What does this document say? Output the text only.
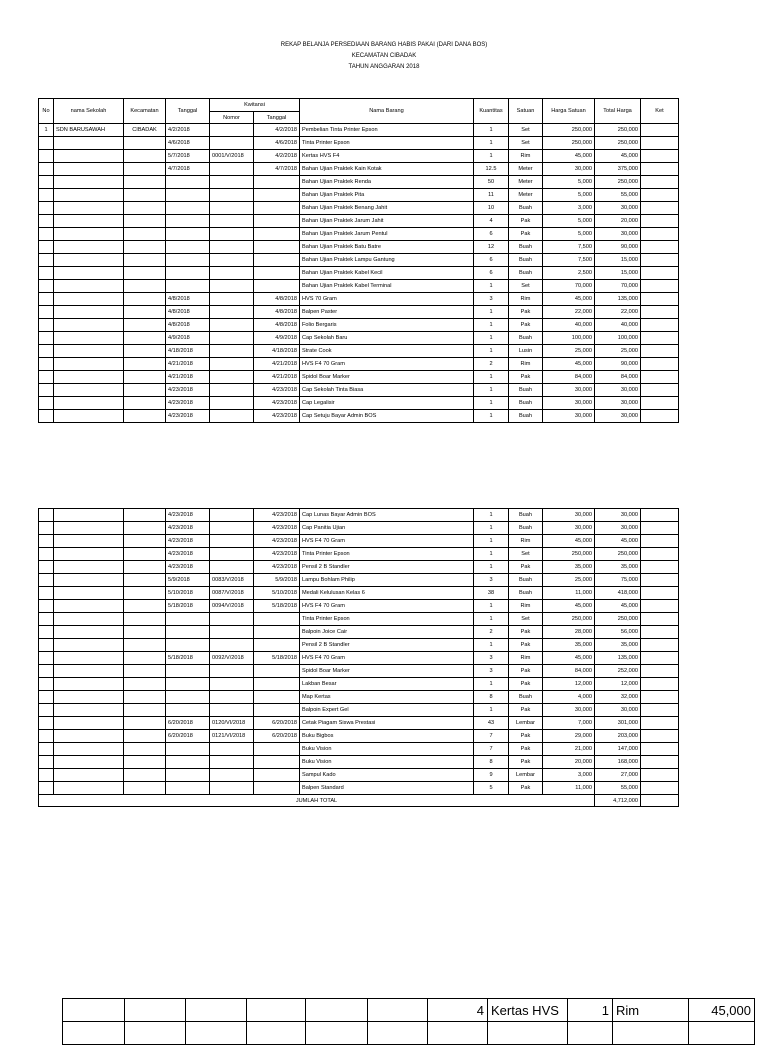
REKAP BELANJA PERSEDIAAN BARANG HABIS PAKAI (DARI DANA BOS)
KECAMATAN CIBADAK
TAHUN ANGGARAN 2018
No	nama Sekolah	Kecamatan	Tanggal	Kwitansi		Nama Barang	Kuantitas	Satuan	Harga Satuan	Total Harga	Ket
				Nomor	Tanggal						
1	SDN BARUSAWAH	CIBADAK	4/2/2018		4/2/2018	Pembelian Tinta Printer Epson	1	Set	250,000	250,000	
			4/6/2018		4/6/2018	Tinta Printer Epson	1	Set	250,000	250,000	
			5/7/2018	0001/V/2018	4/2/2018	Kertas HVS F4	1	Rim	45,000	45,000	
			4/7/2018		4/7/2018	Bahan Ujian Praktek Kain Kotak	12.5	Meter	30,000	375,000	
						Bahan Ujian Praktek Renda	50	Meter	5,000	250,000	
						Bahan Ujian Praktek Pita	11	Meter	5,000	55,000	
						Bahan Ujian Praktek Benang Jahit	10	Buah	3,000	30,000	
						Bahan Ujian Praktek Jarum Jahit	4	Pak	5,000	20,000	
						Bahan Ujian Praktek Jarum Pentul	6	Pak	5,000	30,000	
						Bahan Ujian Praktek Batu Batre	12	Buah	7,500	90,000	
						Bahan Ujian Praktek Lampu Gantung	6	Buah	7,500	15,000	
						Bahan Ujian Praktek Kabel Kecil	6	Buah	2,500	15,000	
						Bahan Ujian Praktek Kabel Terminal	1	Set	70,000	70,000	
			4/8/2018		4/8/2018	HVS 70 Gram	3	Rim	45,000	135,000	
			4/8/2018		4/8/2018	Balpen Paster	1	Pak	22,000	22,000	
			4/8/2018		4/8/2018	Folio Bergaris	1	Pak	40,000	40,000	
			4/9/2018		4/9/2018	Cap Sekolah Baru	1	Buah	100,000	100,000	
			4/18/2018		4/18/2018	Strate Cook	1	Lusin	25,000	25,000	
			4/21/2018		4/21/2018	HVS F4 70 Gram	2	Rim	45,000	90,000	
			4/21/2018		4/21/2018	Spidol Boar Marker	1	Pak	84,000	84,000	
			4/23/2018		4/23/2018	Cap Sekolah Tinta Biasa	1	Buah	30,000	30,000	
			4/23/2018		4/23/2018	Cap Legalisir	1	Buah	30,000	30,000	
			4/23/2018		4/23/2018	Cap Setuju Bayar Admin BOS	1	Buah	30,000	30,000	
			4/23/2018		4/23/2018	Cap Lunas Bayar Admin BOS	1	Buah	30,000	30,000	
			4/23/2018		4/23/2018	Cap Panitia Ujian	1	Buah	30,000	30,000	
			4/23/2018		4/23/2018	HVS F4 70 Gram	1	Rim	45,000	45,000	
			4/23/2018		4/23/2018	Tinta Printer Epson	1	Set	250,000	250,000	
			4/23/2018		4/23/2018	Pensil 2 B Standler	1	Pak	35,000	35,000	
			5/9/2018	0083/V/2018	5/9/2018	Lampu Bohlam Philip	3	Buah	25,000	75,000	
			5/10/2018	0087/V/2018	5/10/2018	Medali Kelulusan Kelas 6	38	Buah	11,000	418,000	
			5/18/2018	0094/V/2018	5/18/2018	HVS F4 70 Gram	1	Rim	45,000	45,000	
						Tinta Printer Epson	1	Set	250,000	250,000	
						Balpoin Joice Cair	2	Pak	28,000	56,000	
						Pensil 2 B Standler	1	Pak	35,000	35,000	
			5/18/2018	0092/V/2018	5/18/2018	HVS F4 70 Gram	3	Rim	45,000	135,000	
						Spidol Boar Marker	3	Pak	84,000	252,000	
						Lakban Besar	1	Pak	12,000	12,000	
						Map Kertas	8	Buah	4,000	32,000	
						Balpoin Expert Gel	1	Pak	30,000	30,000	
			6/20/2018	0120/VI/2018	6/20/2018	Cetak Piagam Siswa Prestasi	43	Lembar	7,000	301,000	
			6/20/2018	0121/VI/2018	6/20/2018	Buku Bigbos	7	Pak	29,000	203,000	
						Buku Vision	7	Pak	21,000	147,000	
						Buku Vision	8	Pak	20,000	168,000	
						Sampul Kado	9	Lembar	3,000	27,000	
						Balpen Standard	5	Pak	11,000	55,000	
JUMLAH TOTAL										4,712,000	
						4	Kertas HVS	1	Rim	45,000
